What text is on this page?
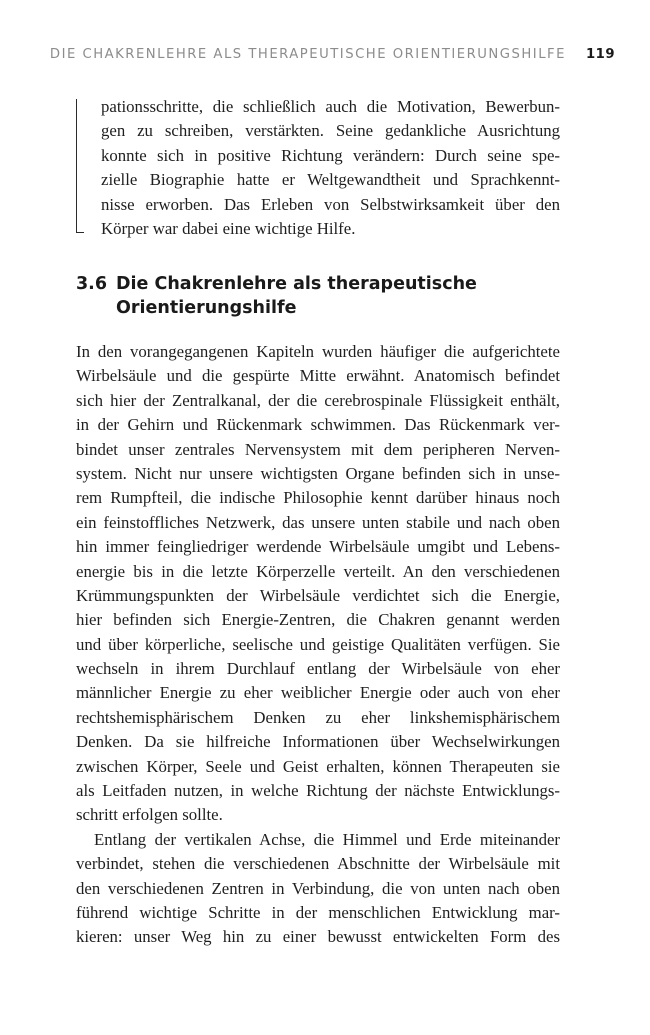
DIE CHAKRENLEHRE ALS THERAPEUTISCHE ORIENTIERUNGSHILFE 119
pationsschritte, die schließlich auch die Motivation, Bewerbun-
gen zu schreiben, verstärkten. Seine gedankliche Ausrichtung
konnte sich in positive Richtung verändern: Durch seine spe-
zielle Biographie hatte er Weltgewandtheit und Sprachkennt-
nisse erworben. Das Erleben von Selbstwirksamkeit über den
Körper war dabei eine wichtige Hilfe.
3.6 Die Chakrenlehre als therapeutische
Orientierungshilfe
In den vorangegangenen Kapiteln wurden häufiger die aufgerichtete
Wirbelsäule und die gespürte Mitte erwähnt. Anatomisch befindet
sich hier der Zentralkanal, der die cerebrospinale Flüssigkeit enthält,
in der Gehirn und Rückenmark schwimmen. Das Rückenmark ver-
bindet unser zentrales Nervensystem mit dem peripheren Nerven-
system. Nicht nur unsere wichtigsten Organe befinden sich in unse-
rem Rumpfteil, die indische Philosophie kennt darüber hinaus noch
ein feinstoffliches Netzwerk, das unsere unten stabile und nach oben
hin immer feingliedriger werdende Wirbelsäule umgibt und Lebens-
energie bis in die letzte Körperzelle verteilt. An den verschiedenen
Krümmungspunkten der Wirbelsäule verdichtet sich die Energie,
hier befinden sich Energie-Zentren, die Chakren genannt werden
und über körperliche, seelische und geistige Qualitäten verfügen. Sie
wechseln in ihrem Durchlauf entlang der Wirbelsäule von eher
männlicher Energie zu eher weiblicher Energie oder auch von eher
rechtshemisphärischem Denken zu eher linkshemisphärischem
Denken. Da sie hilfreiche Informationen über Wechselwirkungen
zwischen Körper, Seele und Geist erhalten, können Therapeuten sie
als Leitfaden nutzen, in welche Richtung der nächste Entwicklungs-
schritt erfolgen sollte.
Entlang der vertikalen Achse, die Himmel und Erde miteinander
verbindet, stehen die verschiedenen Abschnitte der Wirbelsäule mit
den verschiedenen Zentren in Verbindung, die von unten nach oben
führend wichtige Schritte in der menschlichen Entwicklung mar-
kieren: unser Weg hin zu einer bewusst entwickelten Form des
